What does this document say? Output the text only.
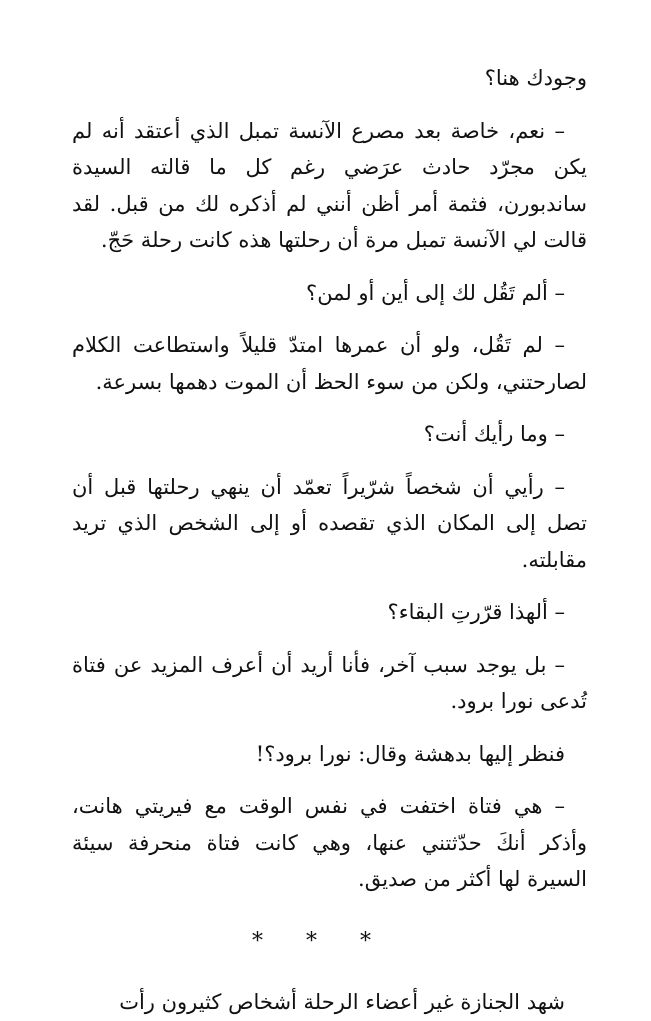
وجودك هنا؟

– نعم، خاصة بعد مصرع الآنسة تمبل الذي أعتقد أنه لم يكن مجرّد حادث عرَضي رغم كل ما قالته السيدة ساندبورن، فثمة أمر أظن أنني لم أذكره لك من قبل. لقد قالت لي الآنسة تمبل مرة أن رحلتها هذه كانت رحلة حَجّ.

– ألم تَقُل لك إلى أين أو لمن؟

– لم تَقُل، ولو أن عمرها امتدّ قليلاً واستطاعت الكلام لصارحتني، ولكن من سوء الحظ أن الموت دهمها بسرعة.

– وما رأيك أنت؟

– رأيي أن شخصاً شرّيراً تعمّد أن ينهي رحلتها قبل أن تصل إلى المكان الذي تقصده أو إلى الشخص الذي تريد مقابلته.

– ألهذا قرّرتِ البقاء؟

– بل يوجد سبب آخر، فأنا أريد أن أعرف المزيد عن فتاة تُدعى نورا برود.

فنظر إليها بدهشة وقال: نورا برود؟!

– هي فتاة اختفت في نفس الوقت مع فيريتي هانت، وأذكر أنكَ حدّثتني عنها، وهي كانت فتاة منحرفة سيئة السيرة لها أكثر من صديق.

* * *

شهد الجنازة غير أعضاء الرحلة أشخاص كثيرون رأت
